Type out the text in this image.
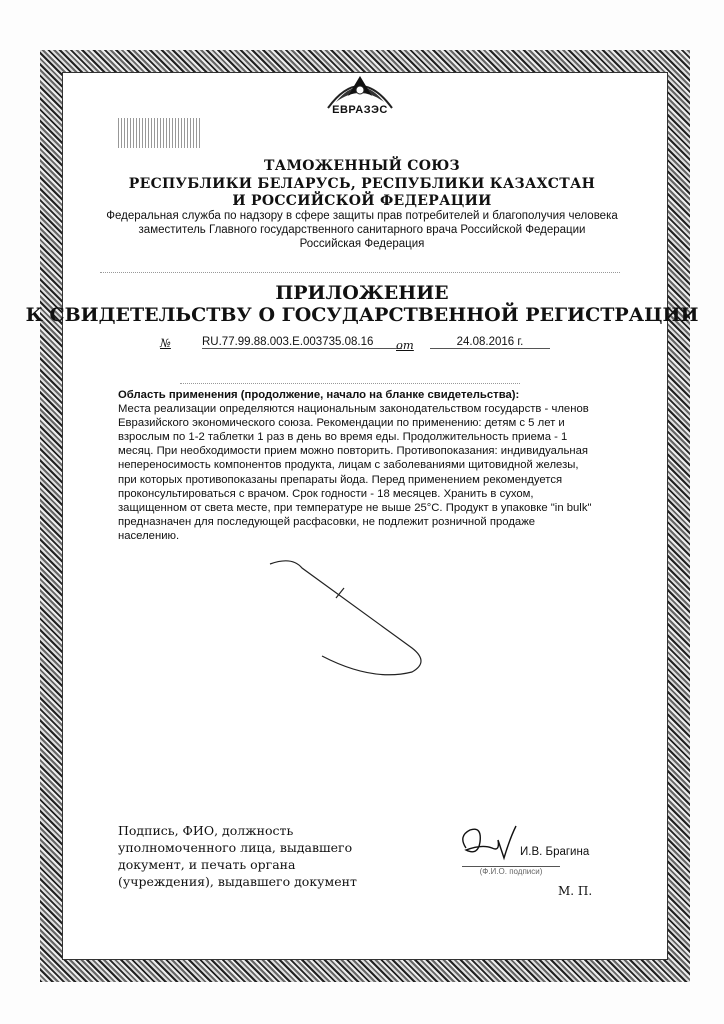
ЕВРАЗЭС
ТАМОЖЕННЫЙ СОЮЗ
РЕСПУБЛИКИ БЕЛАРУСЬ, РЕСПУБЛИКИ КАЗАХСТАН
И РОССИЙСКОЙ ФЕДЕРАЦИИ
Федеральная служба по надзору в сфере защиты прав потребителей и благополучия человека
заместитель Главного государственного санитарного врача Российской Федерации
Российская Федерация
ПРИЛОЖЕНИЕ
К СВИДЕТЕЛЬСТВУ О ГОСУДАРСТВЕННОЙ РЕГИСТРАЦИИ
№	RU.77.99.88.003.E.003735.08.16	от	24.08.2016 г.
Область применения (продолжение, начало на бланке свидетельства):
Места реализации определяются национальным законодательством государств - членов Евразийского экономического союза. Рекомендации по применению: детям с 5 лет и взрослым по 1-2 таблетки 1 раз в день во время еды. Продолжительность приема - 1 месяц. При необходимости прием можно повторить. Противопоказания: индивидуальная непереносимость компонентов продукта, лицам с заболеваниями щитовидной железы, при которых противопоказаны препараты йода. Перед применением рекомендуется проконсультироваться с врачом. Срок годности - 18 месяцев. Хранить в сухом, защищенном от света месте, при температуре не выше 25°С. Продукт в упаковке "in bulk" предназначен для последующей расфасовки, не подлежит розничной продаже населению.
Подпись, ФИО, должность уполномоченного лица, выдавшего документ, и печать органа (учреждения), выдавшего документ
И.В. Брагина
(Ф.И.О. подписи)
М. П.
